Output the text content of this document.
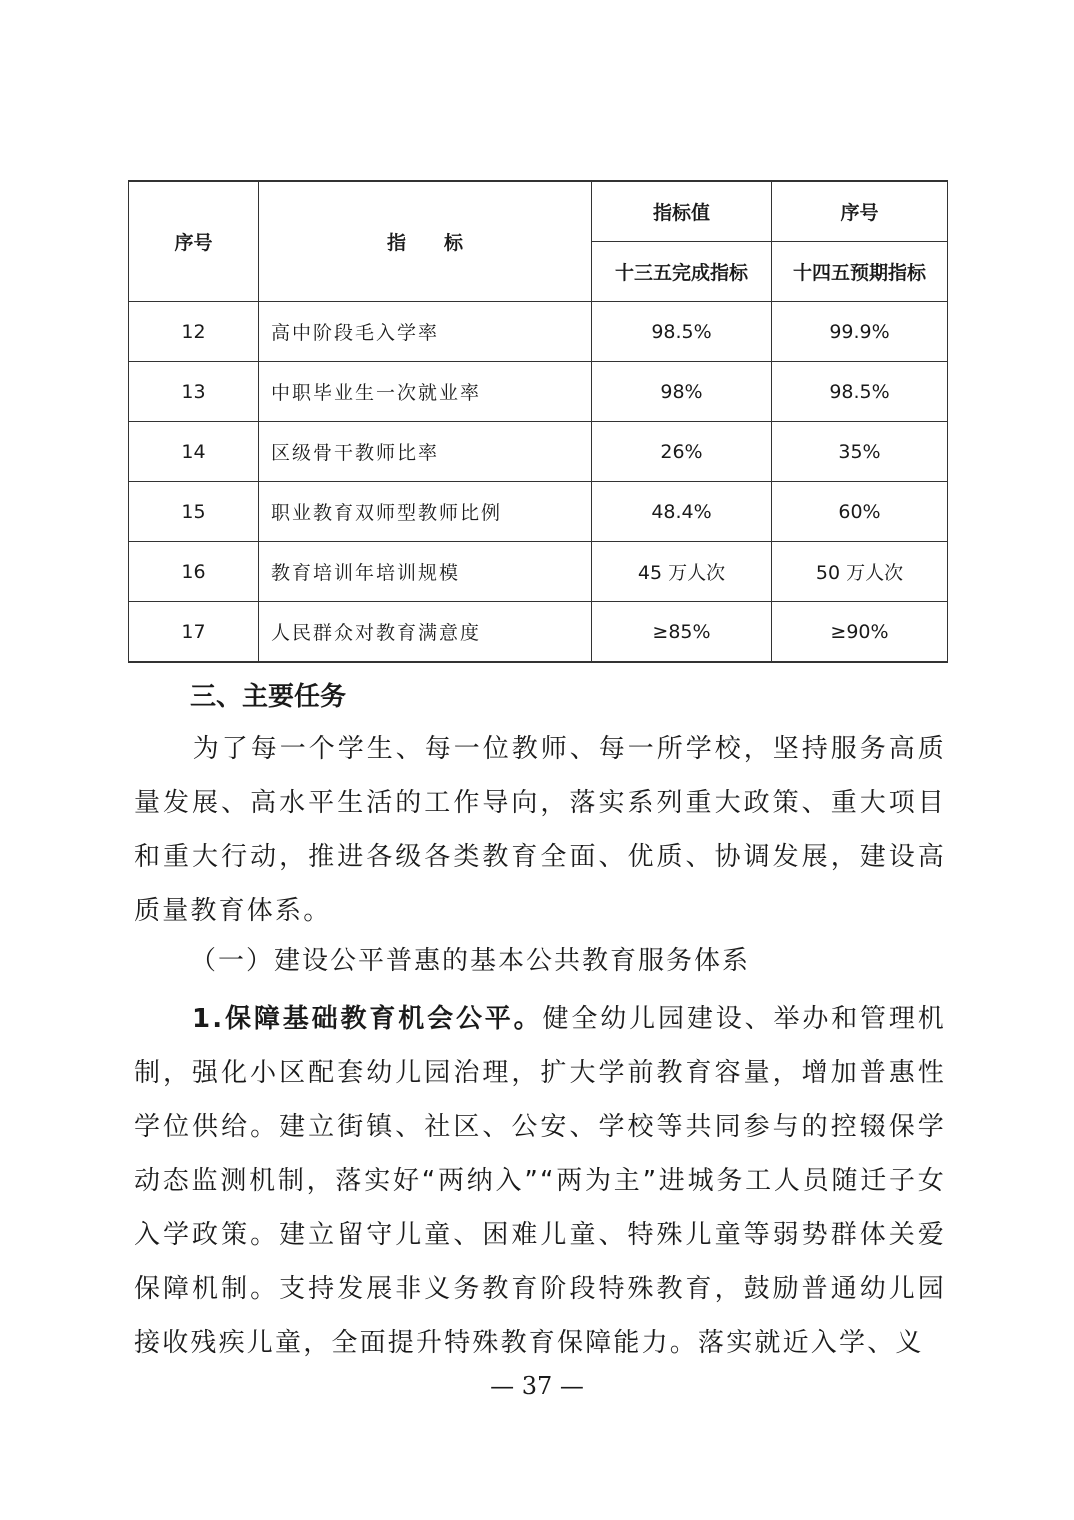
序号	指　　标	指标值	序号
		十三五完成指标	十四五预期指标
12	高中阶段毛入学率	98.5%	99.9%
13	中职毕业生一次就业率	98%	98.5%
14	区级骨干教师比率	26%	35%
15	职业教育双师型教师比例	48.4%	60%
16	教育培训年培训规模	45 万人次	50 万人次
17	人民群众对教育满意度	≥85%	≥90%
三、主要任务
为了每一个学生、每一位教师、每一所学校，坚持服务高质量发展、高水平生活的工作导向，落实系列重大政策、重大项目和重大行动，推进各级各类教育全面、优质、协调发展，建设高质量教育体系。
（一）建设公平普惠的基本公共教育服务体系
1.保障基础教育机会公平。健全幼儿园建设、举办和管理机制，强化小区配套幼儿园治理，扩大学前教育容量，增加普惠性学位供给。建立街镇、社区、公安、学校等共同参与的控辍保学动态监测机制，落实好“两纳入”“两为主”进城务工人员随迁子女入学政策。建立留守儿童、困难儿童、特殊儿童等弱势群体关爱保障机制。支持发展非义务教育阶段特殊教育，鼓励普通幼儿园接收残疾儿童，全面提升特殊教育保障能力。落实就近入学、义
— 37 —
